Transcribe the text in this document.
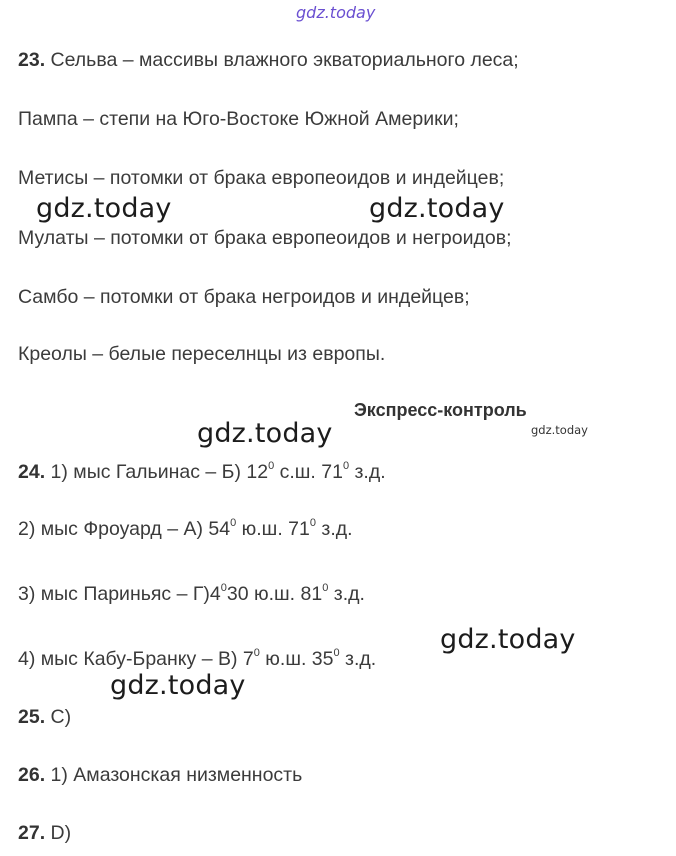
gdz.today
23. Сельва – массивы влажного экваториального леса;
Пампа – степи на Юго-Востоке Южной Америки;
Метисы – потомки от брака европеоидов и индейцев;
Мулаты – потомки от брака европеоидов и негроидов;
Самбо – потомки от брака негроидов и индейцев;
Креолы – белые переселнцы из европы.
gdz.today	gdz.today
Экспресс-контроль
gdz.today	gdz.today
24. 1) мыс Гальинас – Б) $12^0$ с.ш. $71^0$ з.д.
2) мыс Фроуард – А) $54^0$ ю.ш. $71^0$ з.д.
3) мыс Париньяс – $Г)4^030$ ю.ш. $81^0$ з.д.
4) мыс Кабу-Бранку – В) $7^0$ ю.ш. $35^0$ з.д.
gdz.today
gdz.today
25. C)
26. 1) Амазонская низменность
27. D)
